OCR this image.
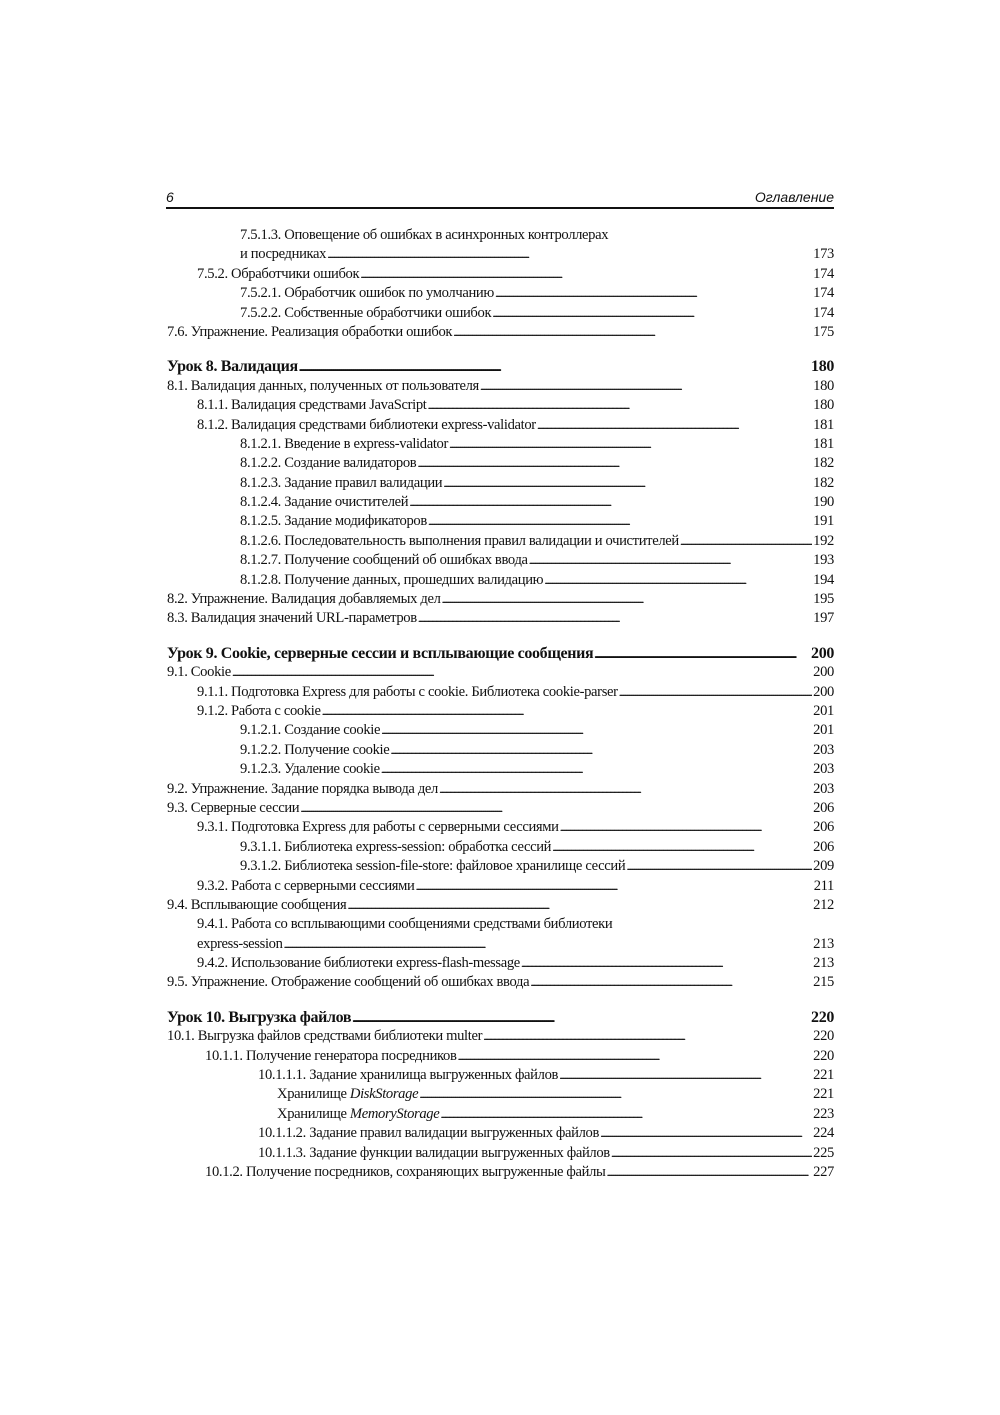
6	Оглавление
7.5.1.3. Оповещение об ошибках в асинхронных контроллерах
и посредниках . . .	173
7.5.2. Обработчики ошибок . . .	174
7.5.2.1. Обработчик ошибок по умолчанию . . .	174
7.5.2.2. Собственные обработчики ошибок . . .	174
7.6. Упражнение. Реализация обработки ошибок . . .	175
Урок 8. Валидация . . .	180
8.1. Валидация данных, полученных от пользователя . . .	180
8.1.1. Валидация средствами JavaScript . . .	180
8.1.2. Валидация средствами библиотеки express-validator . . .	181
8.1.2.1. Введение в express-validator . . .	181
8.1.2.2. Создание валидаторов . . .	182
8.1.2.3. Задание правил валидации . . .	182
8.1.2.4. Задание очистителей . . .	190
8.1.2.5. Задание модификаторов . . .	191
8.1.2.6. Последовательность выполнения правил валидации и очистителей . . .	192
8.1.2.7. Получение сообщений об ошибках ввода . . .	193
8.1.2.8. Получение данных, прошедших валидацию . . .	194
8.2. Упражнение. Валидация добавляемых дел . . .	195
8.3. Валидация значений URL-параметров . . .	197
Урок 9. Cookie, серверные сессии и всплывающие сообщения . . .	200
9.1. Cookie . . .	200
9.1.1. Подготовка Express для работы с cookie. Библиотека cookie-parser . . .	200
9.1.2. Работа с cookie . . .	201
9.1.2.1. Создание cookie . . .	201
9.1.2.2. Получение cookie . . .	203
9.1.2.3. Удаление cookie . . .	203
9.2. Упражнение. Задание порядка вывода дел . . .	203
9.3. Серверные сессии . . .	206
9.3.1. Подготовка Express для работы с серверными сессиями . . .	206
9.3.1.1. Библиотека express-session: обработка сессий . . .	206
9.3.1.2. Библиотека session-file-store: файловое хранилище сессий . . .	209
9.3.2. Работа с серверными сессиями . . .	211
9.4. Всплывающие сообщения . . .	212
9.4.1. Работа со всплывающими сообщениями средствами библиотеки
express-session . . .	213
9.4.2. Использование библиотеки express-flash-message . . .	213
9.5. Упражнение. Отображение сообщений об ошибках ввода . . .	215
Урок 10. Выгрузка файлов . . .	220
10.1. Выгрузка файлов средствами библиотеки multer . . .	220
10.1.1. Получение генератора посредников . . .	220
10.1.1.1. Задание хранилища выгруженных файлов . . .	221
Хранилище DiskStorage . . .	221
Хранилище MemoryStorage . . .	223
10.1.1.2. Задание правил валидации выгруженных файлов . . .	224
10.1.1.3. Задание функции валидации выгруженных файлов . . .	225
10.1.2. Получение посредников, сохраняющих выгруженные файлы . . .	227
